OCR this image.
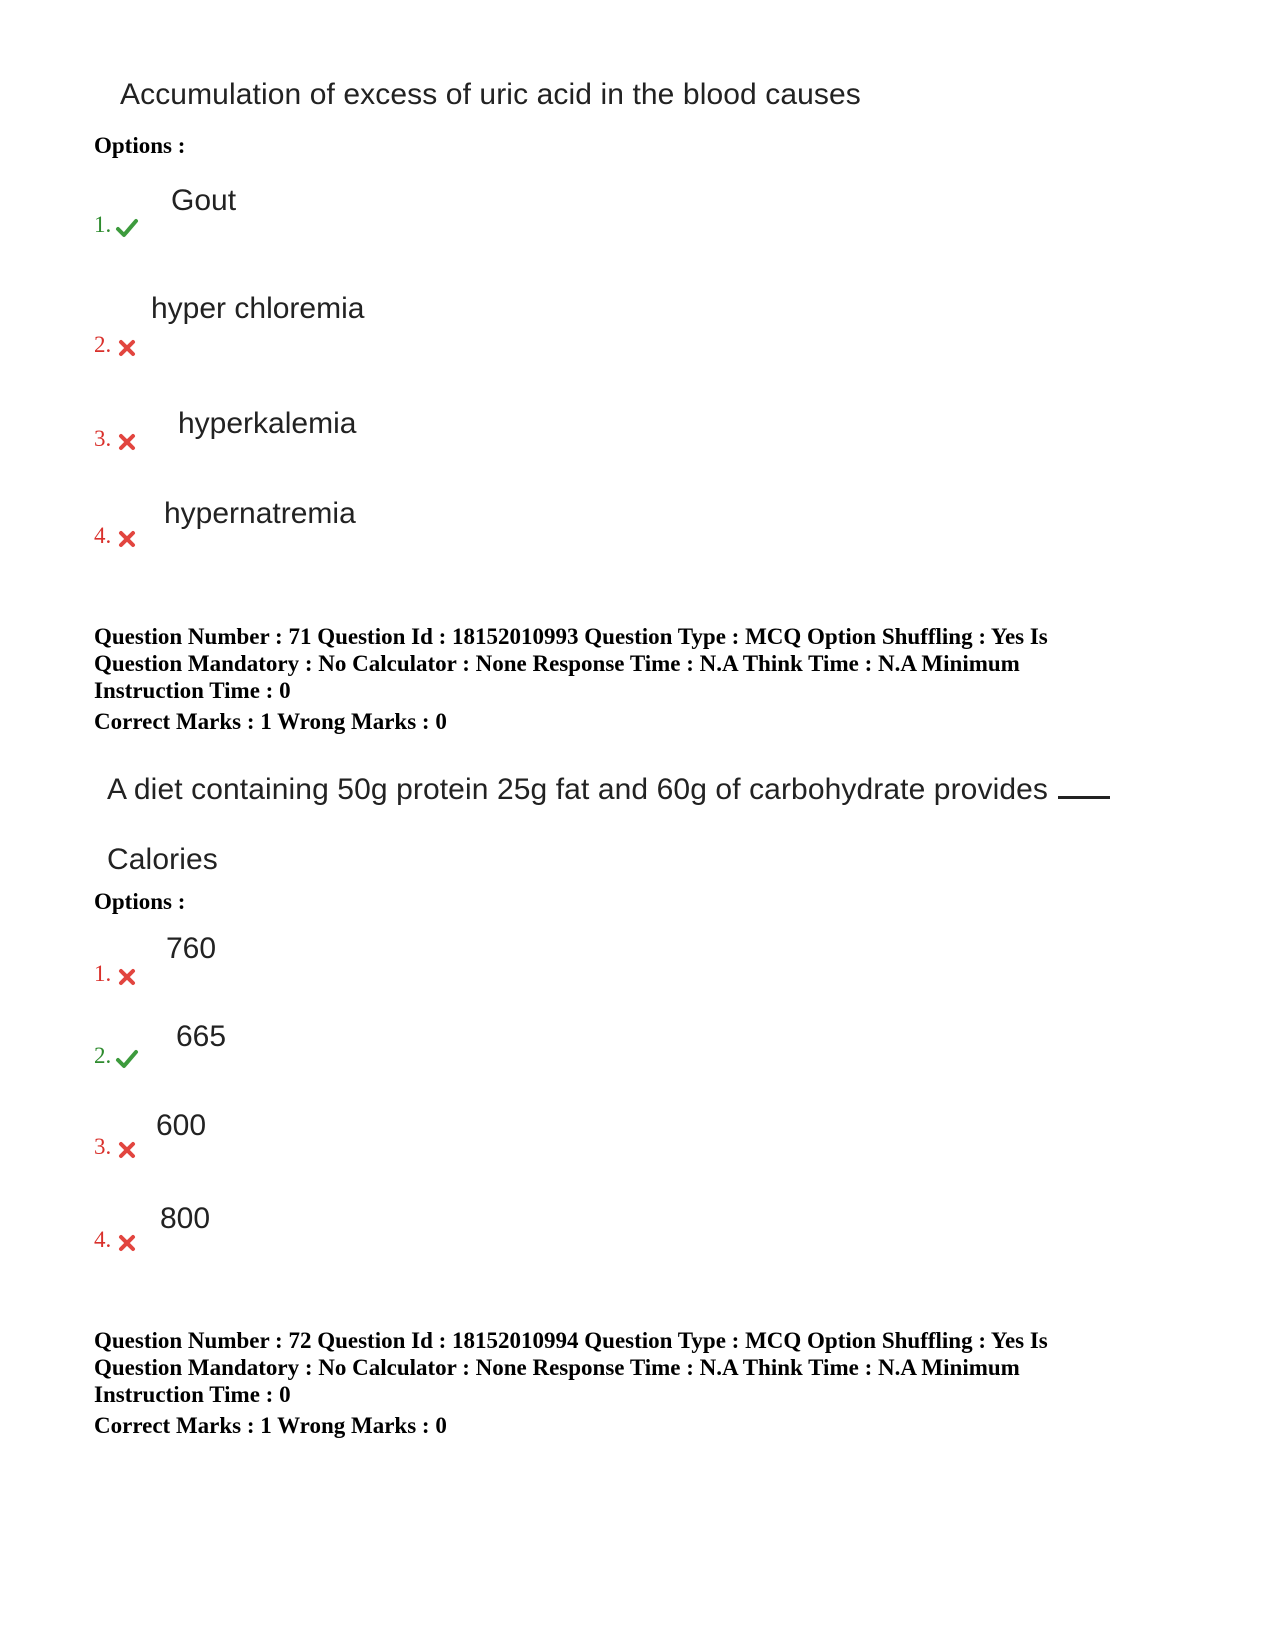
Accumulation of excess of uric acid in the blood causes
Options :
1.
Gout
2.
hyper chloremia
3.	hyperkalemia
4.
hypernatremia
Question Number : 71 Question Id : 18152010993 Question Type : MCQ Option Shuffling : Yes Is
Question Mandatory : No Calculator : None Response Time : N.A Think Time : N.A Minimum
Instruction Time : 0
Correct Marks : 1 Wrong Marks : 0
A diet containing 50g protein 25g fat and 60g of carbohydrate provides
Calories
Options :
1.
760
2.
665
3.
600
4.
800
Question Number : 72 Question Id : 18152010994 Question Type : MCQ Option Shuffling : Yes Is
Question Mandatory : No Calculator : None Response Time : N.A Think Time : N.A Minimum
Instruction Time : 0
Correct Marks : 1 Wrong Marks : 0
